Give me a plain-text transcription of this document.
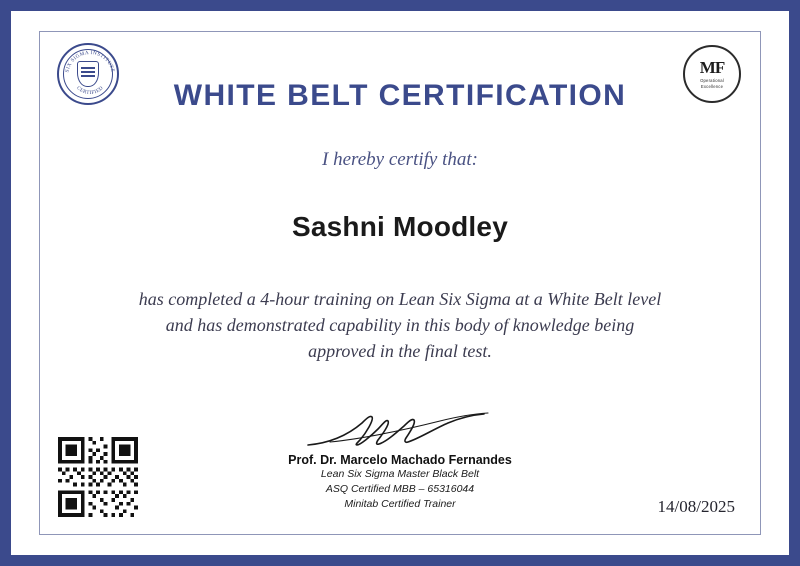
SIX SIGMA INSTITUTE
CERTIFIED
MF
Operational
Excellence
WHITE BELT CERTIFICATION
I hereby certify that:
Sashni Moodley
has completed a 4-hour training on Lean Six Sigma at a White Belt level and has demonstrated capability in this body of knowledge being approved in the final test.
Prof. Dr. Marcelo Machado Fernandes
Lean Six Sigma Master Black Belt
ASQ Certified MBB – 65316044
Minitab Certified Trainer	14/08/2025
